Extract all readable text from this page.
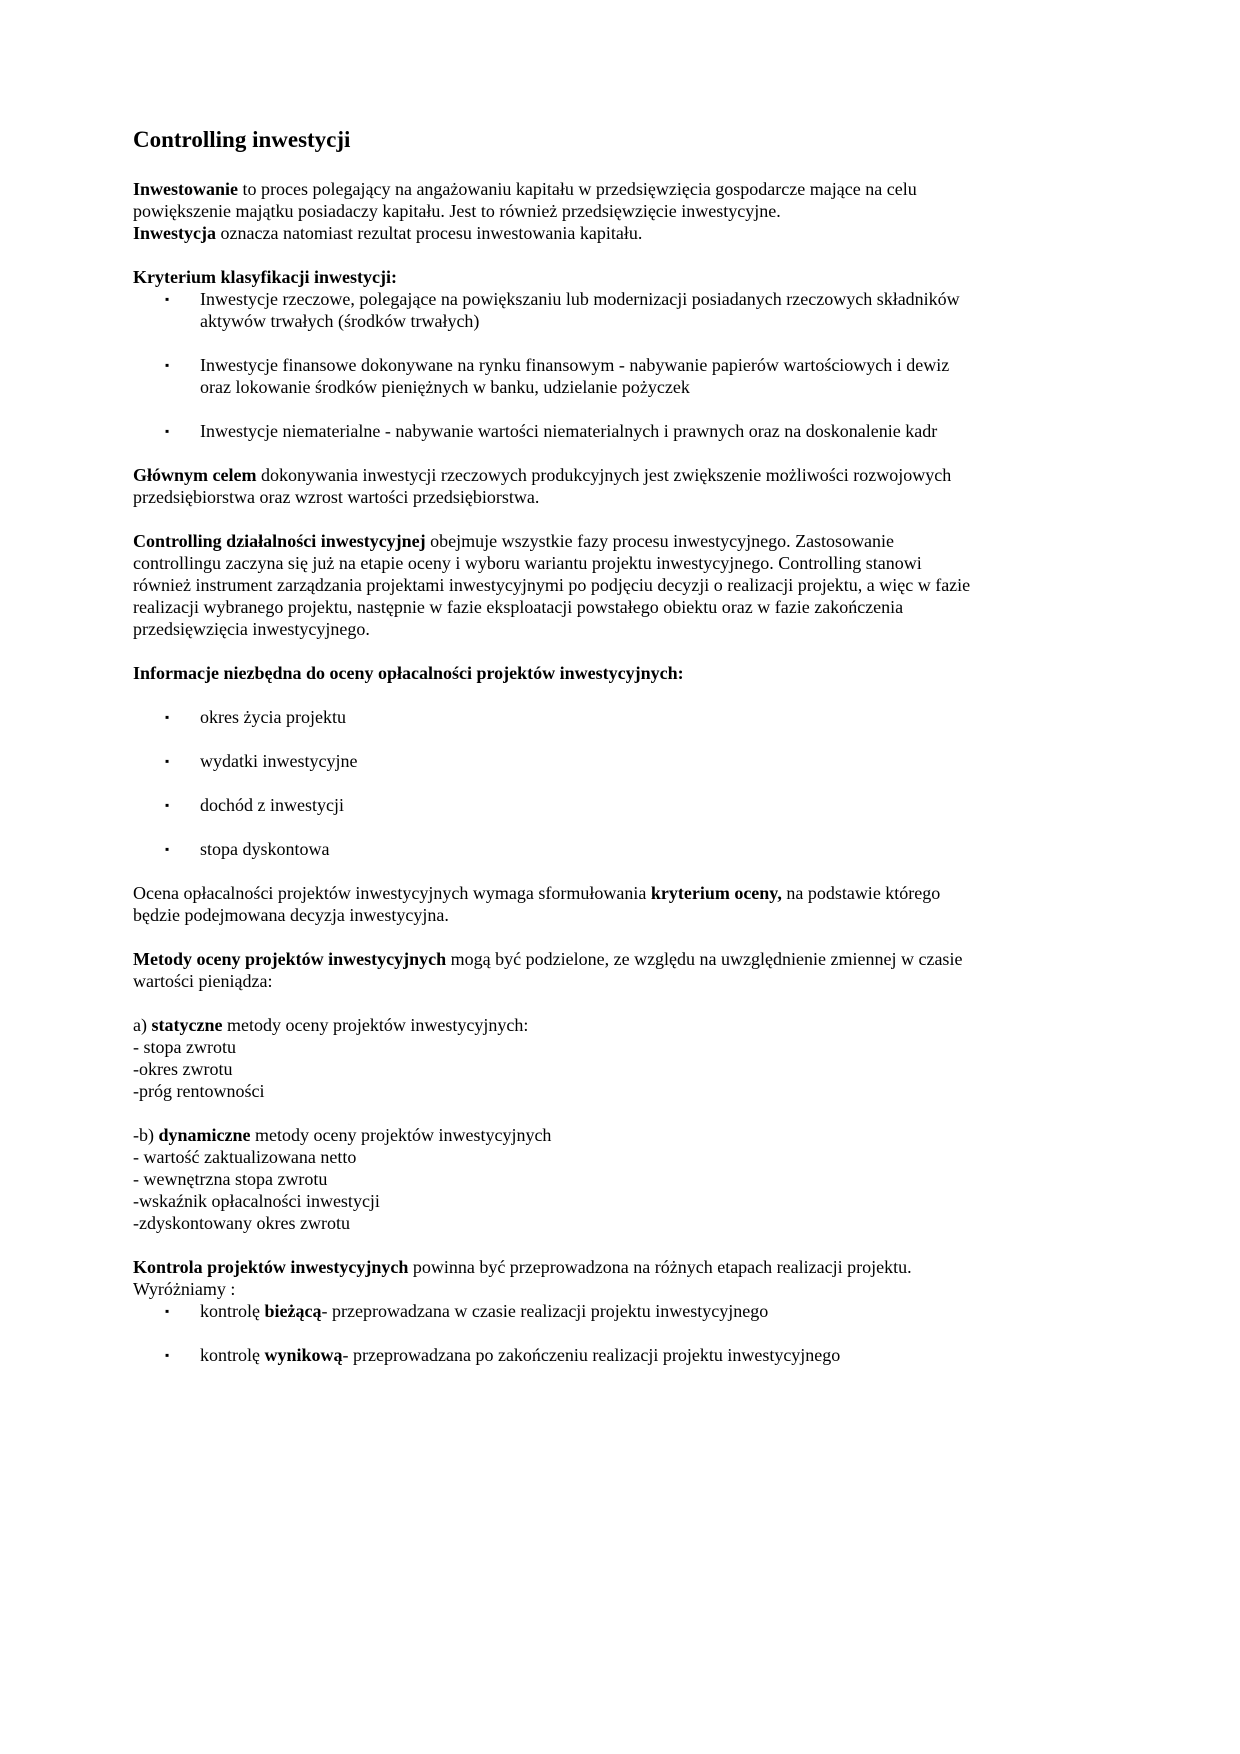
Controlling inwestycji
Inwestowanie to proces polegający na angażowaniu kapitału w przedsięwzięcia gospodarcze mające na celu powiększenie majątku posiadaczy kapitału. Jest to również przedsięwzięcie inwestycyjne.
Inwestycja oznacza natomiast rezultat procesu inwestowania kapitału.
Kryterium klasyfikacji inwestycji:
▪	Inwestycje rzeczowe, polegające na powiększaniu lub modernizacji posiadanych rzeczowych składników aktywów trwałych (środków trwałych)
▪	Inwestycje finansowe dokonywane na rynku finansowym - nabywanie papierów wartościowych i dewiz oraz lokowanie środków pieniężnych w banku, udzielanie pożyczek
▪	Inwestycje niematerialne - nabywanie wartości niematerialnych i prawnych oraz na doskonalenie kadr
Głównym celem dokonywania inwestycji rzeczowych produkcyjnych jest zwiększenie możliwości rozwojowych przedsiębiorstwa oraz wzrost wartości przedsiębiorstwa.
Controlling działalności inwestycyjnej obejmuje wszystkie fazy procesu inwestycyjnego. Zastosowanie controllingu zaczyna się już na etapie oceny i wyboru wariantu projektu inwestycyjnego. Controlling stanowi również instrument zarządzania projektami inwestycyjnymi po podjęciu decyzji o realizacji projektu, a więc w fazie realizacji wybranego projektu, następnie w fazie eksploatacji powstałego obiektu oraz w fazie zakończenia przedsięwzięcia inwestycyjnego.
Informacje niezbędna do oceny opłacalności projektów inwestycyjnych:
▪	okres życia projektu
▪	wydatki inwestycyjne
▪	dochód z inwestycji
▪	stopa dyskontowa
Ocena opłacalności projektów inwestycyjnych wymaga sformułowania kryterium oceny, na podstawie którego będzie podejmowana decyzja inwestycyjna.
Metody oceny projektów inwestycyjnych mogą być podzielone, ze względu na uwzględnienie zmiennej w czasie wartości pieniądza:
a) statyczne metody oceny projektów inwestycyjnych:
- stopa zwrotu
-okres zwrotu
-próg rentowności
-b) dynamiczne metody oceny projektów inwestycyjnych
- wartość zaktualizowana netto
- wewnętrzna stopa zwrotu
-wskaźnik opłacalności inwestycji
-zdyskontowany okres zwrotu
Kontrola projektów inwestycyjnych powinna być przeprowadzona na różnych etapach realizacji projektu.
Wyróżniamy :
▪	kontrolę bieżącą- przeprowadzana w czasie realizacji projektu inwestycyjnego
▪	kontrolę wynikową- przeprowadzana po zakończeniu realizacji projektu inwestycyjnego
